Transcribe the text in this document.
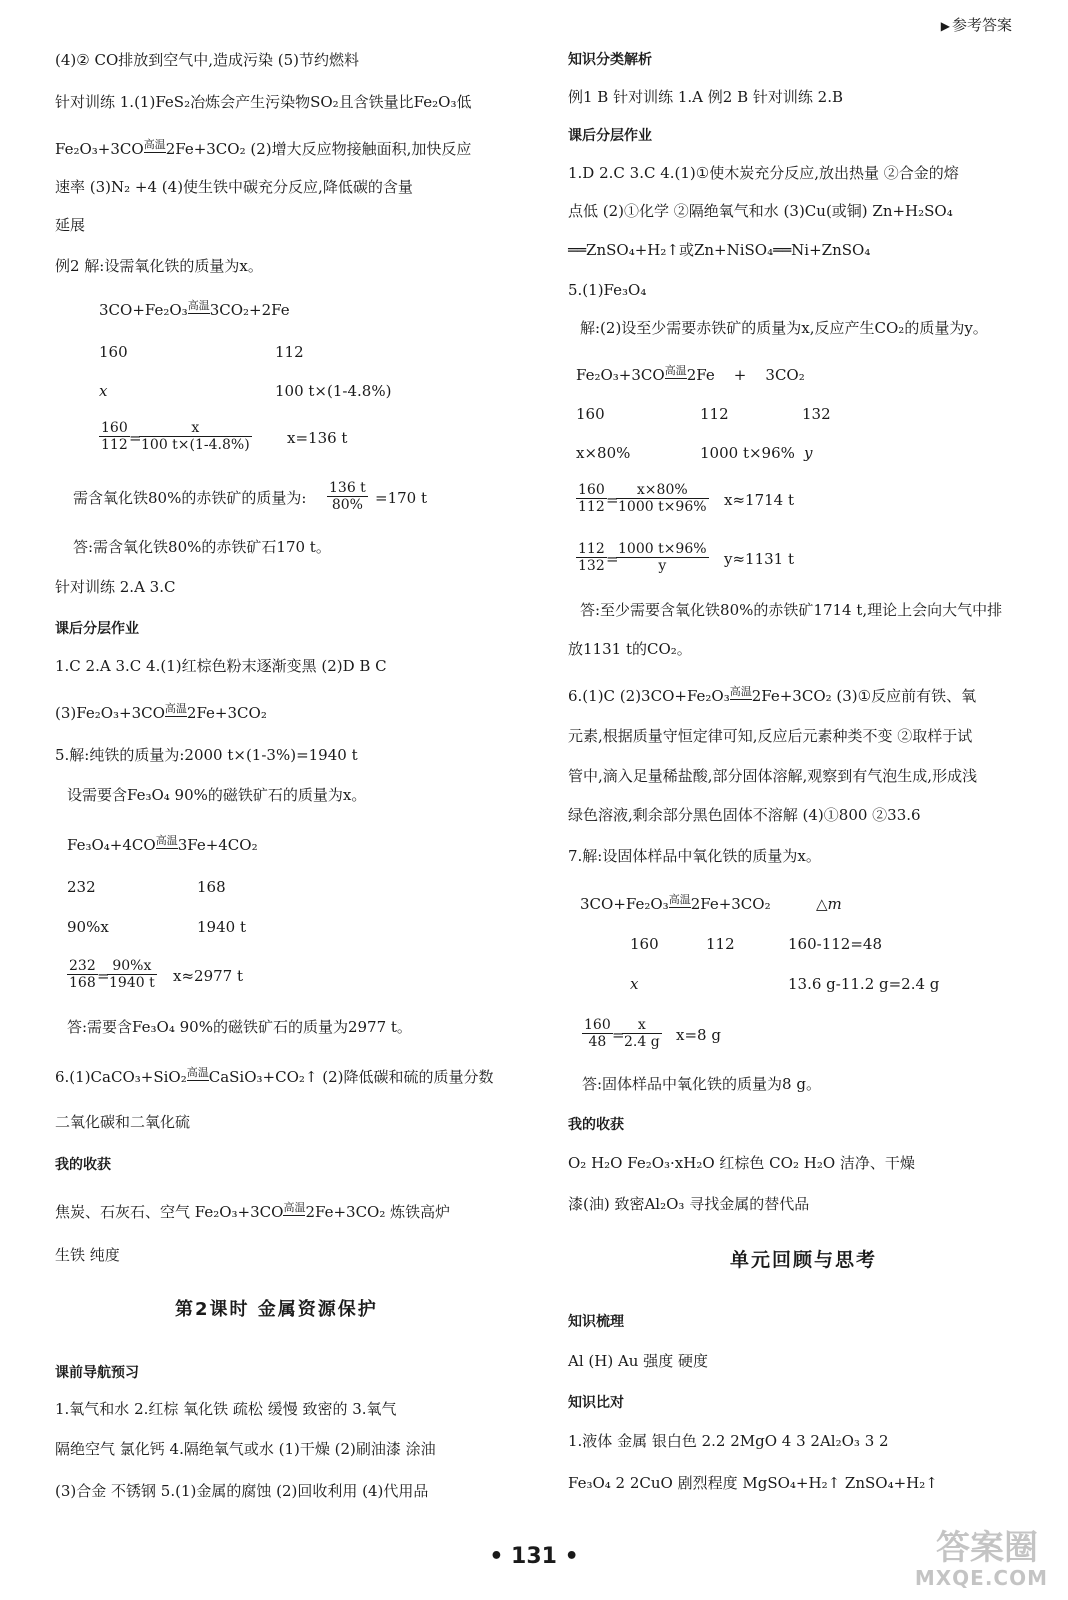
▶ 参考答案
(4)② CO排放到空气中,造成污染 (5)节约燃料
针对训练 1.(1)FeS₂冶炼会产生污染物SO₂且含铁量比Fe₂O₃低
Fe₂O₃+3CO高温
2Fe+3CO₂ (2)增大反应物接触面积,加快反应
速率 (3)N₂ +4 (4)使生铁中碳充分反应,降低碳的含量
延展
例2 解:设需氧化铁的质量为x。
3CO+Fe₂O₃高温
3CO₂+2Fe
160	112
x	100 t×(1-4.8%)
$\frac{160}{112}$ =
$\frac{x}{100 t\times(1-4.8\%)} x=136$ t
需含氧化铁80%的赤铁矿的质量为: $\frac{136 t}{80\%} =170$ t
答:需含氧化铁80%的赤铁矿石170 t。
针对训练 2.A 3.C
课后分层作业
1.C 2.A 3.C 4.(1)红棕色粉末逐渐变黑 (2)D B C
(3)Fe₂O₃+3CO高温
2Fe+3CO₂
5.解:纯铁的质量为:2000 t×(1-3%)=1940 t
设需要含Fe₃O₄ 90%的磁铁矿石的质量为x。
Fe₃O₄+4CO高温
3Fe+4CO₂
232	168
90%x	1940 t
$\frac{232}{168}$ =
$\frac{90\%x}{1940 t} x\approx 2977$ t
答:需要含Fe₃O₄ 90%的磁铁矿石的质量为2977 t。
6.(1)CaCO₃+SiO₂高温
CaSiO₃+CO₂↑ (2)降低碳和硫的质量分数
二氧化碳和二氧化硫
我的收获
焦炭、石灰石、空气 Fe₂O₃+3CO高温
2Fe+3CO₂ 炼铁高炉
生铁 纯度
第2课时 金属资源保护
课前导航预习
1.氧气和水 2.红棕 氧化铁 疏松 缓慢 致密的 3.氧气
隔绝空气 氯化钙 4.隔绝氧气或水 (1)干燥 (2)刷油漆 涂油
(3)合金 不锈钢 5.(1)金属的腐蚀 (2)回收利用 (4)代用品
知识分类解析
例1 B 针对训练 1.A 例2 B 针对训练 2.B
课后分层作业
1.D 2.C 3.C 4.(1)①使木炭充分反应,放出热量 ②合金的熔
点低 (2)①化学 ②隔绝氧气和水 (3)Cu(或铜) Zn+H₂SO₄
══ZnSO₄+H₂↑或Zn+NiSO₄══Ni+ZnSO₄
5.(1)Fe₃O₄
解:(2)设至少需要赤铁矿的质量为x,反应产生CO₂的质量为y。
Fe₂O₃+3CO高温
2Fe    +    3CO₂
160	112	132
x×80%	1000 t×96% y
$\frac{160}{112}$ =
$\frac{x\times 80\%}{1000 t\times 96\%} x\approx 1714$ t
$\frac{112}{132}$ =
$\frac{1000 t\times 96\%}{y} y\approx 1131$ t
答:至少需要含氧化铁80%的赤铁矿1714 t,理论上会向大气中排
放1131 t的CO₂。
6.(1)C (2)3CO+Fe₂O₃高温
2Fe+3CO₂ (3)①反应前有铁、氧
元素,根据质量守恒定律可知,反应后元素种类不变 ②取样于试
管中,滴入足量稀盐酸,部分固体溶解,观察到有气泡生成,形成浅
绿色溶液,剩余部分黑色固体不溶解 (4)①800 ②33.6
7.解:设固体样品中氧化铁的质量为x。
3CO+Fe₂O₃高温
2Fe+3CO₂	△m
160	112	160-112=48
x	13.6 g-11.2 g=2.4 g
$\frac{160}{48}$ =
$\frac{x}{2.4 g} x=8$ g
答:固体样品中氧化铁的质量为8 g。
我的收获
O₂ H₂O Fe₂O₃·xH₂O 红棕色 CO₂ H₂O 洁净、干燥
漆(油) 致密Al₂O₃ 寻找金属的替代品
单元回顾与思考
知识梳理
Al (H) Au 强度 硬度
知识比对
1.液体 金属 银白色 2.2 2MgO 4 3 2Al₂O₃ 3 2
Fe₃O₄ 2 2CuO 剧烈程度 MgSO₄+H₂↑ ZnSO₄+H₂↑
• 131 •	答案圈
MXQE.COM
